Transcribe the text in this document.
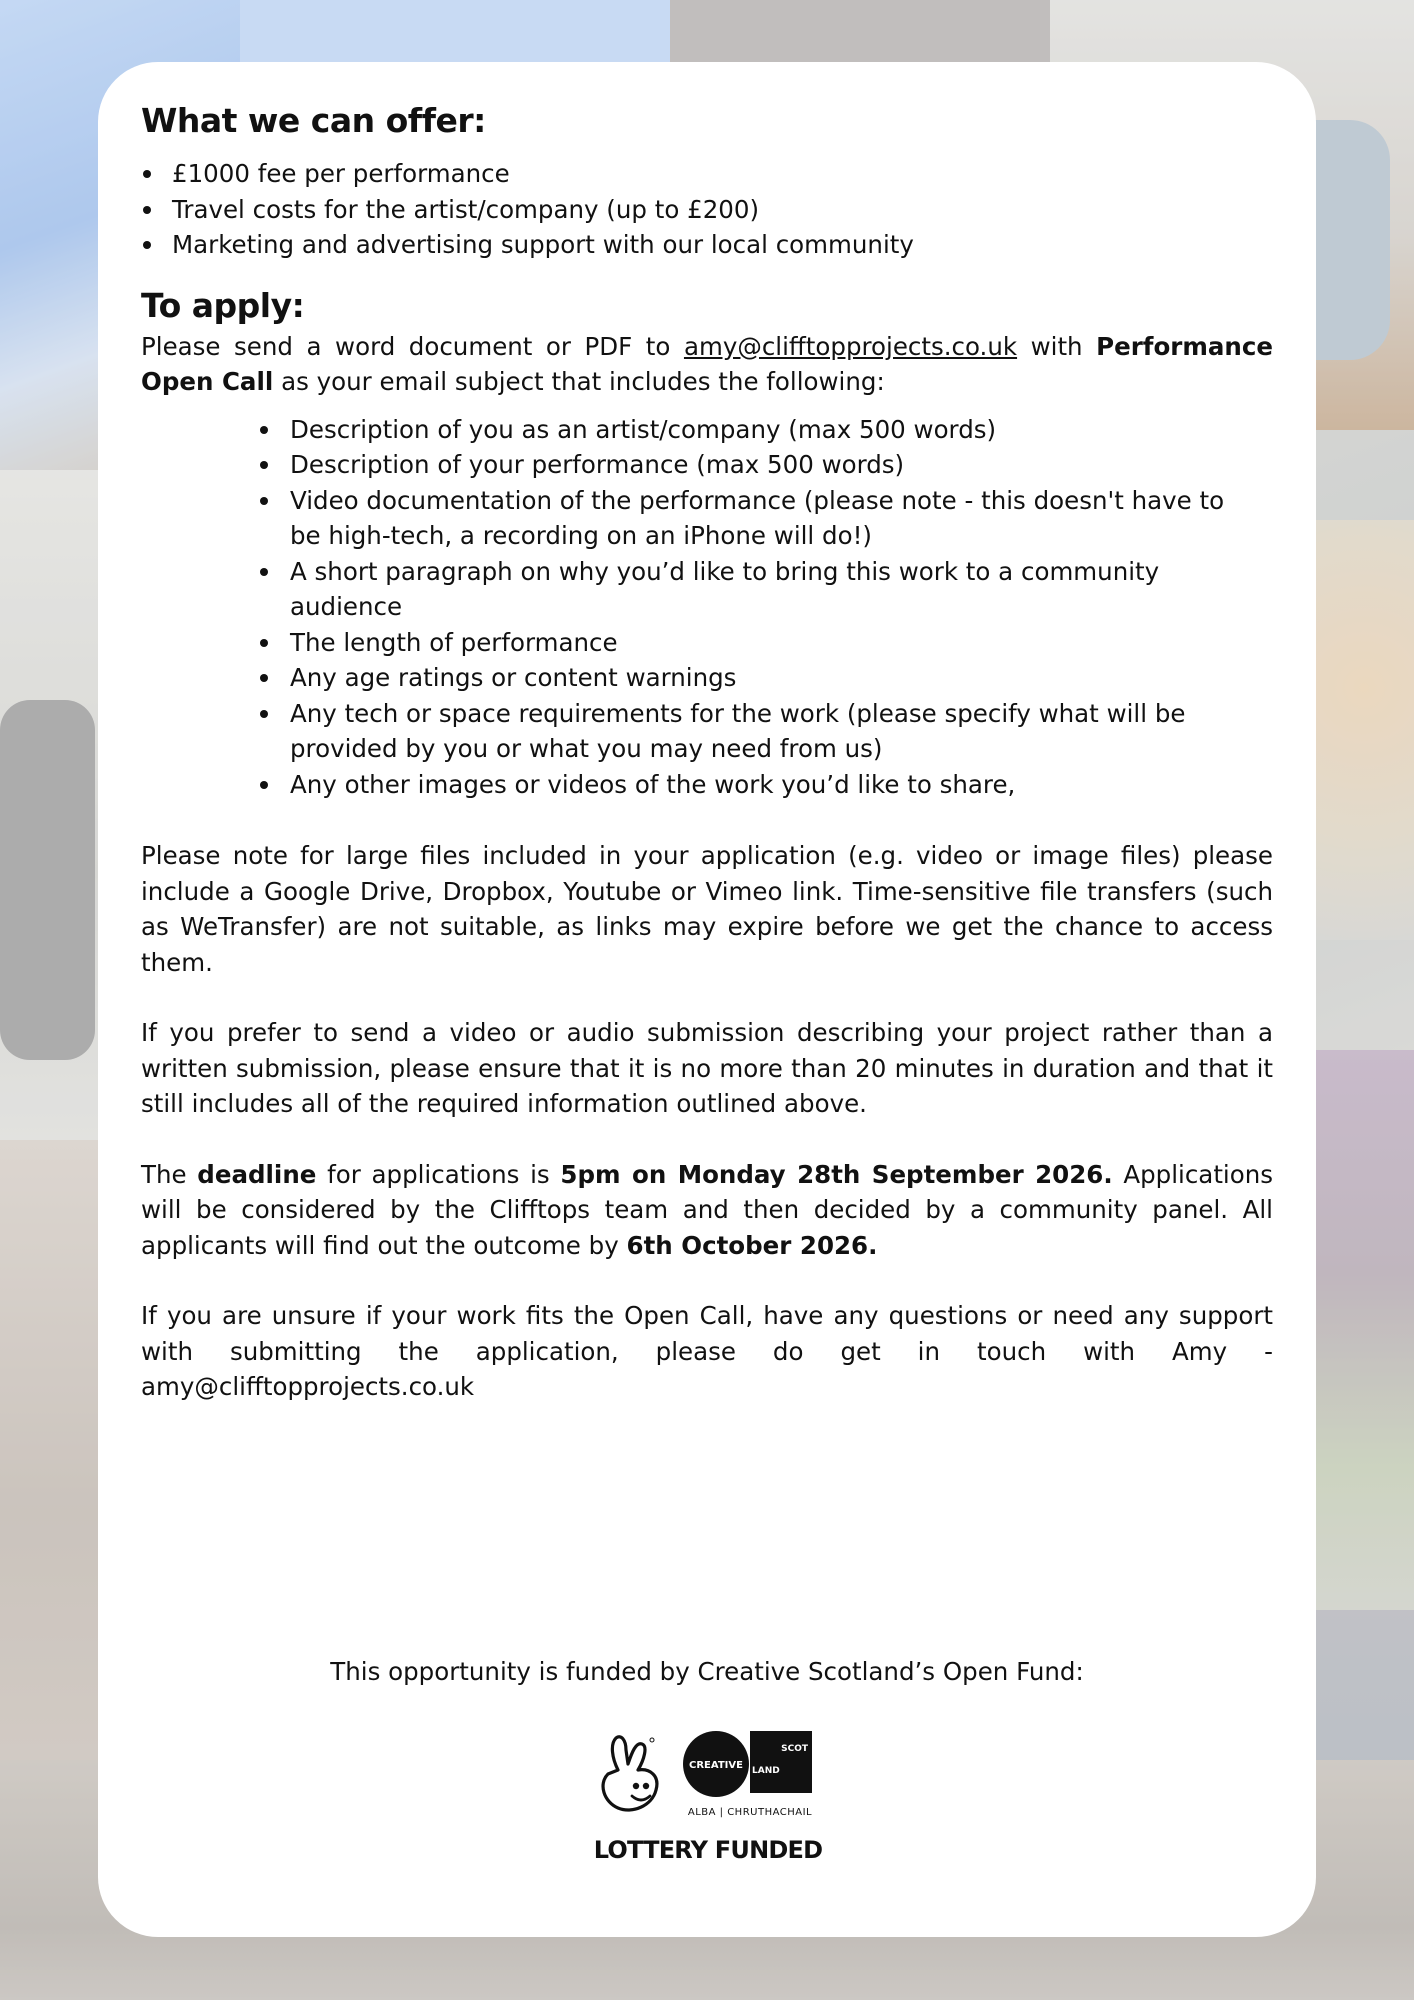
What we can offer:
£1000 fee per performance
Travel costs for the artist/company (up to £200)
Marketing and advertising support with our local community
To apply:

Please send a word document or PDF to amy@clifftopprojects.co.uk with Performance Open Call as your email subject that includes the following:

Description of you as an artist/company (max 500 words)
Description of your performance (max 500 words)
Video documentation of the performance (please note - this doesn't have to be high-tech, a recording on an iPhone will do!)
A short paragraph on why you’d like to bring this work to a community audience
The length of performance
Any age ratings or content warnings
Any tech or space requirements for the work (please specify what will be provided by you or what you may need from us)
Any other images or videos of the work you’d like to share,

Please note for large files included in your application (e.g. video or image files) please include a Google Drive, Dropbox, Youtube or Vimeo link. Time-sensitive file transfers (such as WeTransfer) are not suitable, as links may expire before we get the chance to access them.

If you prefer to send a video or audio submission describing your project rather than a written submission, please ensure that it is no more than 20 minutes in duration and that it still includes all of the required information outlined above.

The deadline for applications is 5pm on Monday 28th September 2026. Applications will be considered by the Clifftops team and then decided by a community panel. All applicants will find out the outcome by 6th October 2026.

If you are unsure if your work fits the Open Call, have any questions or need any support with submitting the application, please do get in touch with Amy - amy@clifftopprojects.co.uk

This opportunity is funded by Creative Scotland’s Open Fund:
CREATIVE
SCOT
LAND
ALBA | CHRUTHACHAIL
LOTTERY FUNDED
